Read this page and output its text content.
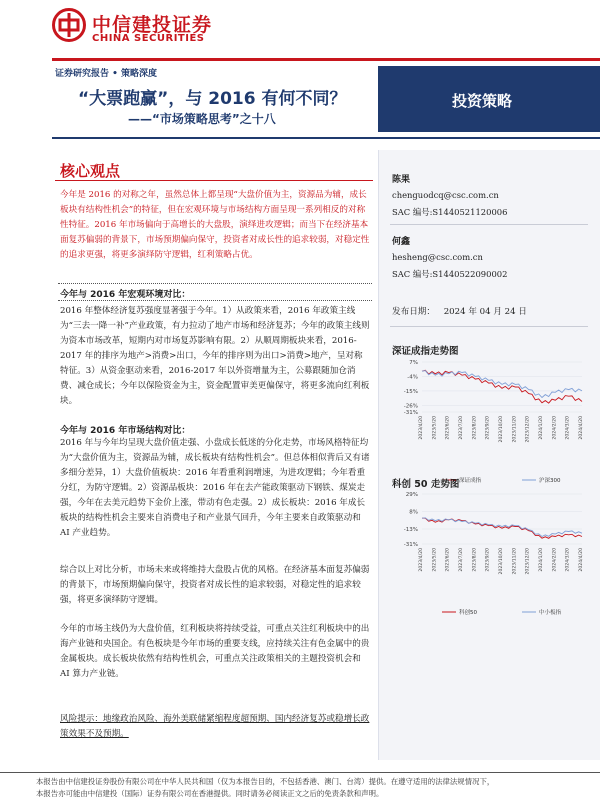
中信建投证券
CHINA SECURITIES
证券研究报告 • 策略深度
“大票跑赢”，与 2016 有何不同？
——“市场策略思考”之十八
投资策略
核心观点
今年是 2016 的对称之年，虽然总体上都呈现“大盘价值为主，资源品为辅，成长板块有结构性机会”的特征，但在宏观环境与市场结构方面呈现一系列相反的对称性特征。2016 年市场偏向于高增长的大盘股，演绎进攻逻辑；而当下在经济基本面复苏偏弱的背景下，市场预期偏向保守，投资者对成长性的追求较弱，对稳定性的追求更强，将更多演绎防守逻辑，红利策略占优。
今年与 2016 年宏观环境对比：
2016 年整体经济复苏强度显著强于今年。1）从政策来看，2016 年政策主线为“三去一降一补”产业政策，有力拉动了地产市场和经济复苏；今年的政策主线则为资本市场改革，短期内对市场复苏影响有限。2）从顺周期板块来看，2016-2017 年的排序为地产>消费>出口，今年的排序则为出口>消费>地产，呈对称特征。3）从资金驱动来看，2016-2017 年以外资增量为主，公募跟随加仓消费、减仓成长；今年以保险资金为主，资金配置审美更偏保守，将更多流向红利板块。
今年与 2016 年市场结构对比：
2016 年与今年均呈现大盘价值走强、小盘成长低迷的分化走势，市场风格特征均为“大盘价值为主，资源品为辅，成长板块有结构性机会”。但总体相似背后又有诸多细分差异，1）大盘价值板块：2016 年看重利润增速，为进攻逻辑；今年看重分红，为防守逻辑。2）资源品板块：2016 年在去产能政策驱动下钢铁、煤炭走强，今年在去美元趋势下金价上涨，带动有色走强。2）成长板块：2016 年成长板块的结构性机会主要来自消费电子和产业景气回升，今年主要来自政策驱动和 AI 产业趋势。
综合以上对比分析，市场未来或将维持大盘股占优的风格。在经济基本面复苏偏弱的背景下，市场预期偏向保守，投资者对成长性的追求较弱，对稳定性的追求较强，将更多演绎防守逻辑。
今年的市场主线仍为大盘价值，红利板块将持续受益，可重点关注红利板块中的出海产业链和央国企。有色板块是今年市场的重要支线，应持续关注有色金属中的贵金属板块。成长板块依然有结构性机会，可重点关注政策相关的主题投资机会和 AI 算力产业链。
风险提示：地缘政治风险、海外美联储紧缩程度超预期、国内经济复苏或稳增长政策效果不及预期。
陈果
chenguodcq@csc.com.cn
SAC 编号:S1440521120006
何鑫
hesheng@csc.com.cn
SAC 编号:S1440522090002
发布日期： 2024 年 04 月 24 日
深证成指走势图
7%
-4%
-15%
-26%
-31%
2023/4/20 2023/5/20 2023/6/20 2023/7/20 2023/8/20 2023/9/20 2023/10/20 2023/11/20 2023/12/20 2024/1/20 2024/2/20 2024/3/20 2024/4/20
深证成指	沪深300
科创 50 走势图
29%
8%
-13%
-31%
2023/4/20 2023/5/20 2023/6/20 2023/7/20 2023/8/20 2023/9/20 2023/10/20 2023/11/20 2023/12/20 2024/1/20 2024/2/20 2024/3/20 2024/4/20
科创50	中小板指
本报告由中信建投证券股份有限公司在中华人民共和国（仅为本报告目的，不包括香港、澳门、台湾）提供。在遵守适用的法律法规情况下，
本报告亦可能由中信建投（国际）证券有限公司在香港提供。同时请务必阅读正文之后的免责条款和声明。
